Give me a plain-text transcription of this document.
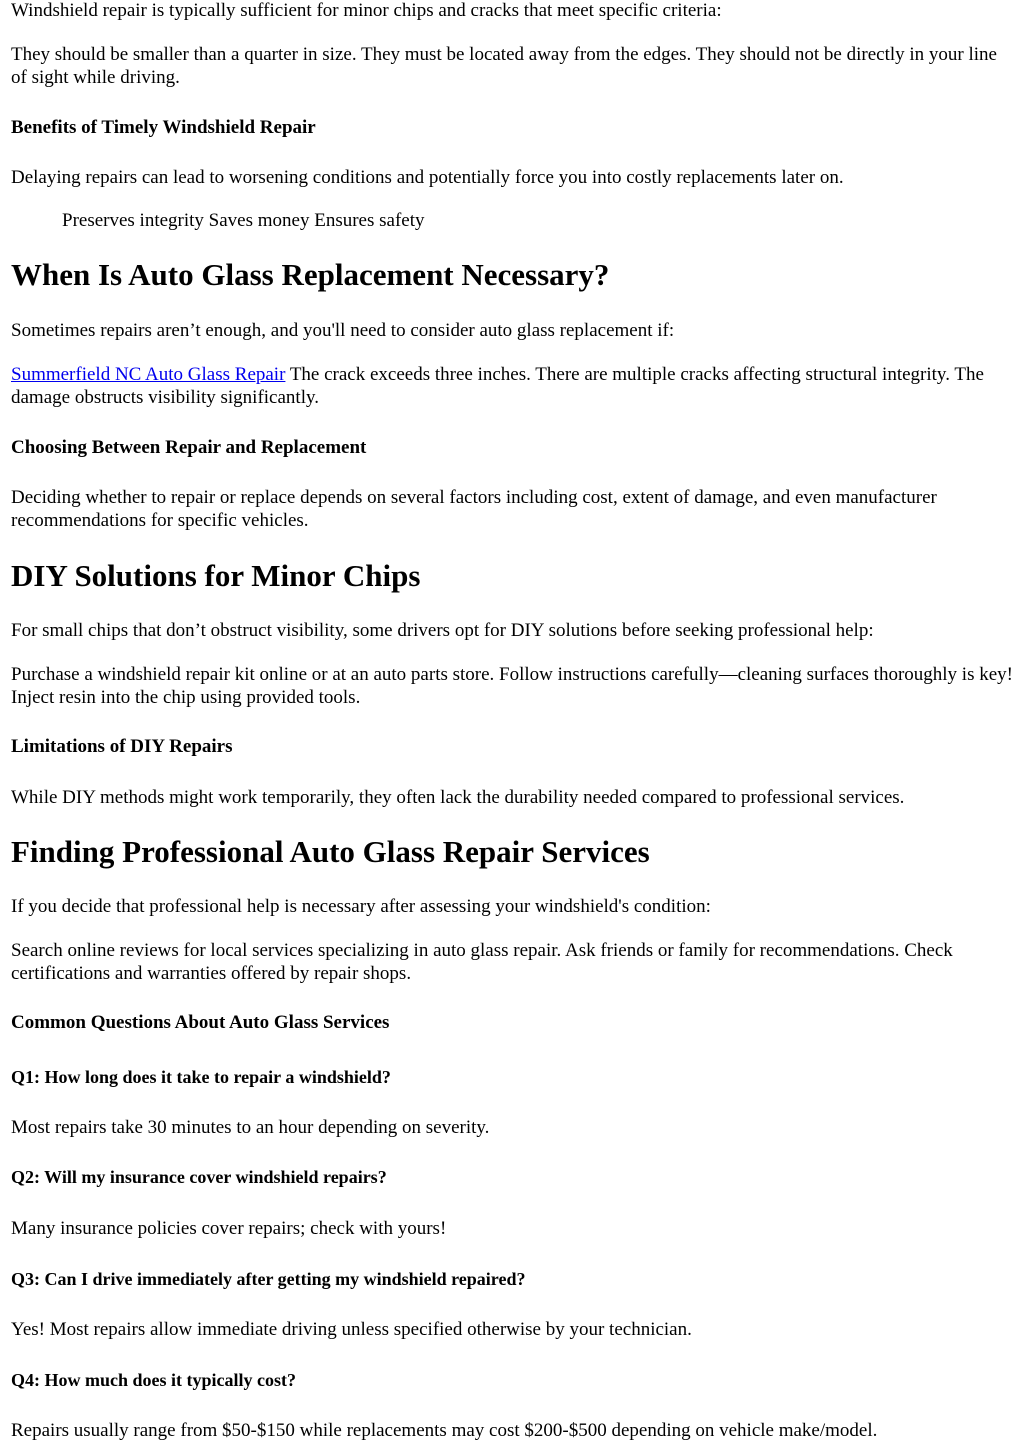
Windshield repair is typically sufficient for minor chips and cracks that meet specific criteria:

They should be smaller than a quarter in size. They must be located away from the edges. They should not be directly in your line of sight while driving.

Benefits of Timely Windshield Repair

Delaying repairs can lead to worsening conditions and potentially force you into costly replacements later on.

Preserves integrity Saves money Ensures safety

When Is Auto Glass Replacement Necessary?

Sometimes repairs aren’t enough, and you'll need to consider auto glass replacement if:

Summerfield NC Auto Glass Repair The crack exceeds three inches. There are multiple cracks affecting structural integrity. The damage obstructs visibility significantly.

Choosing Between Repair and Replacement

Deciding whether to repair or replace depends on several factors including cost, extent of damage, and even manufacturer recommendations for specific vehicles.

DIY Solutions for Minor Chips

For small chips that don’t obstruct visibility, some drivers opt for DIY solutions before seeking professional help:

Purchase a windshield repair kit online or at an auto parts store. Follow instructions carefully—cleaning surfaces thoroughly is key! Inject resin into the chip using provided tools.

Limitations of DIY Repairs

While DIY methods might work temporarily, they often lack the durability needed compared to professional services.

Finding Professional Auto Glass Repair Services

If you decide that professional help is necessary after assessing your windshield's condition:

Search online reviews for local services specializing in auto glass repair. Ask friends or family for recommendations. Check certifications and warranties offered by repair shops.

Common Questions About Auto Glass Services
Q1: How long does it take to repair a windshield?

Most repairs take 30 minutes to an hour depending on severity.

Q2: Will my insurance cover windshield repairs?

Many insurance policies cover repairs; check with yours!

Q3: Can I drive immediately after getting my windshield repaired?

Yes! Most repairs allow immediate driving unless specified otherwise by your technician.

Q4: How much does it typically cost?

Repairs usually range from $50-$150 while replacements may cost $200-$500 depending on vehicle make/model.
